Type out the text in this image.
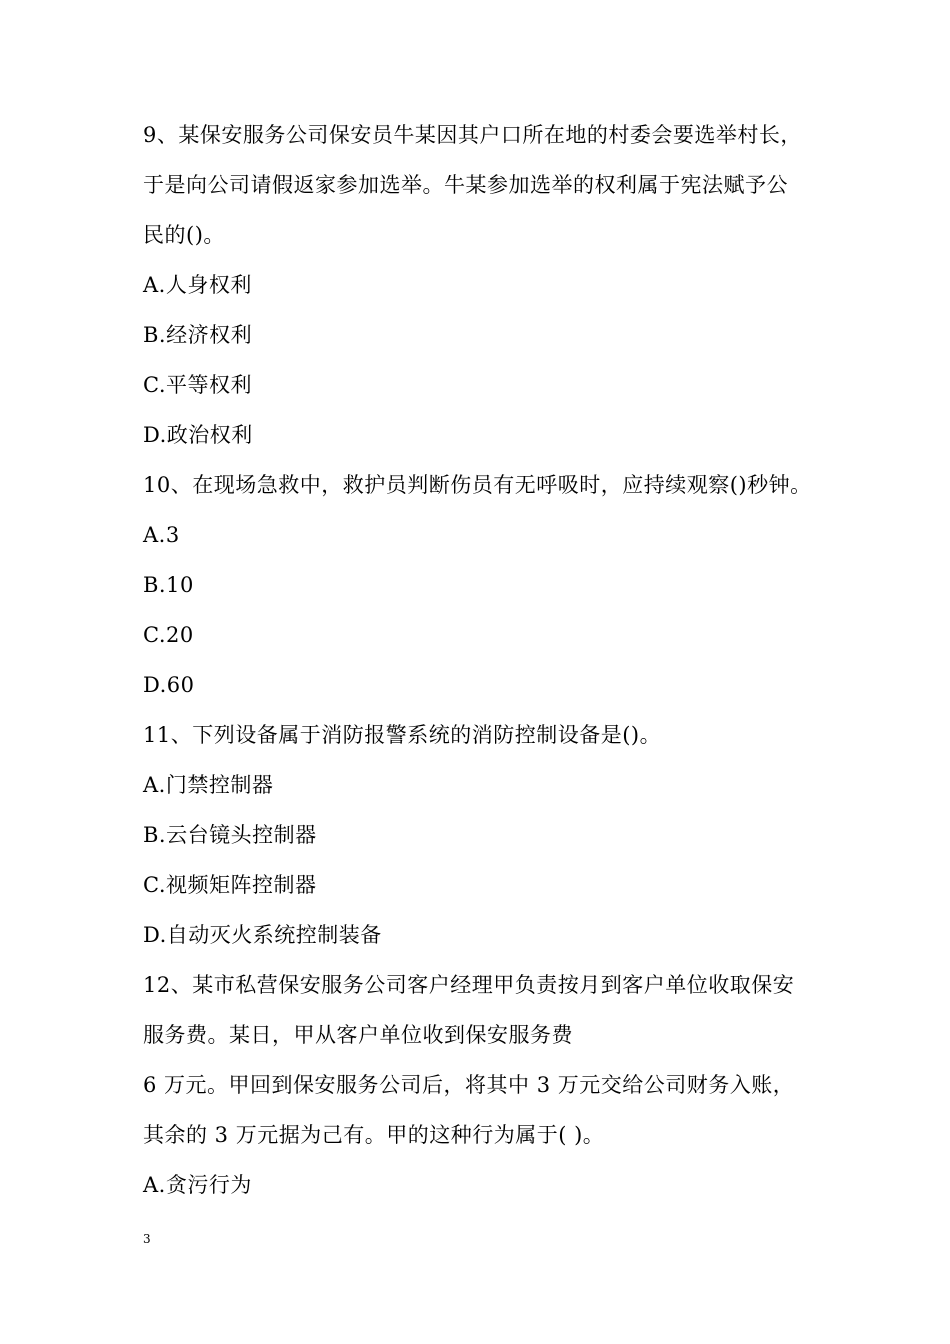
9、某保安服务公司保安员牛某因其户口所在地的村委会要选举村长，
于是向公司请假返家参加选举。牛某参加选举的权利属于宪法赋予公
民的()。
A.人身权利
B.经济权利
C.平等权利
D.政治权利
10、在现场急救中，救护员判断伤员有无呼吸时，应持续观察()秒钟。
A.3
B.10
C.20
D.60
11、下列设备属于消防报警系统的消防控制设备是()。
A.门禁控制器
B.云台镜头控制器
C.视频矩阵控制器
D.自动灭火系统控制装备
12、某市私营保安服务公司客户经理甲负责按月到客户单位收取保安
服务费。某日，甲从客户单位收到保安服务费
6 万元。甲回到保安服务公司后，将其中 3 万元交给公司财务入账，
其余的 3 万元据为己有。甲的这种行为属于( )。
A.贪污行为
3
